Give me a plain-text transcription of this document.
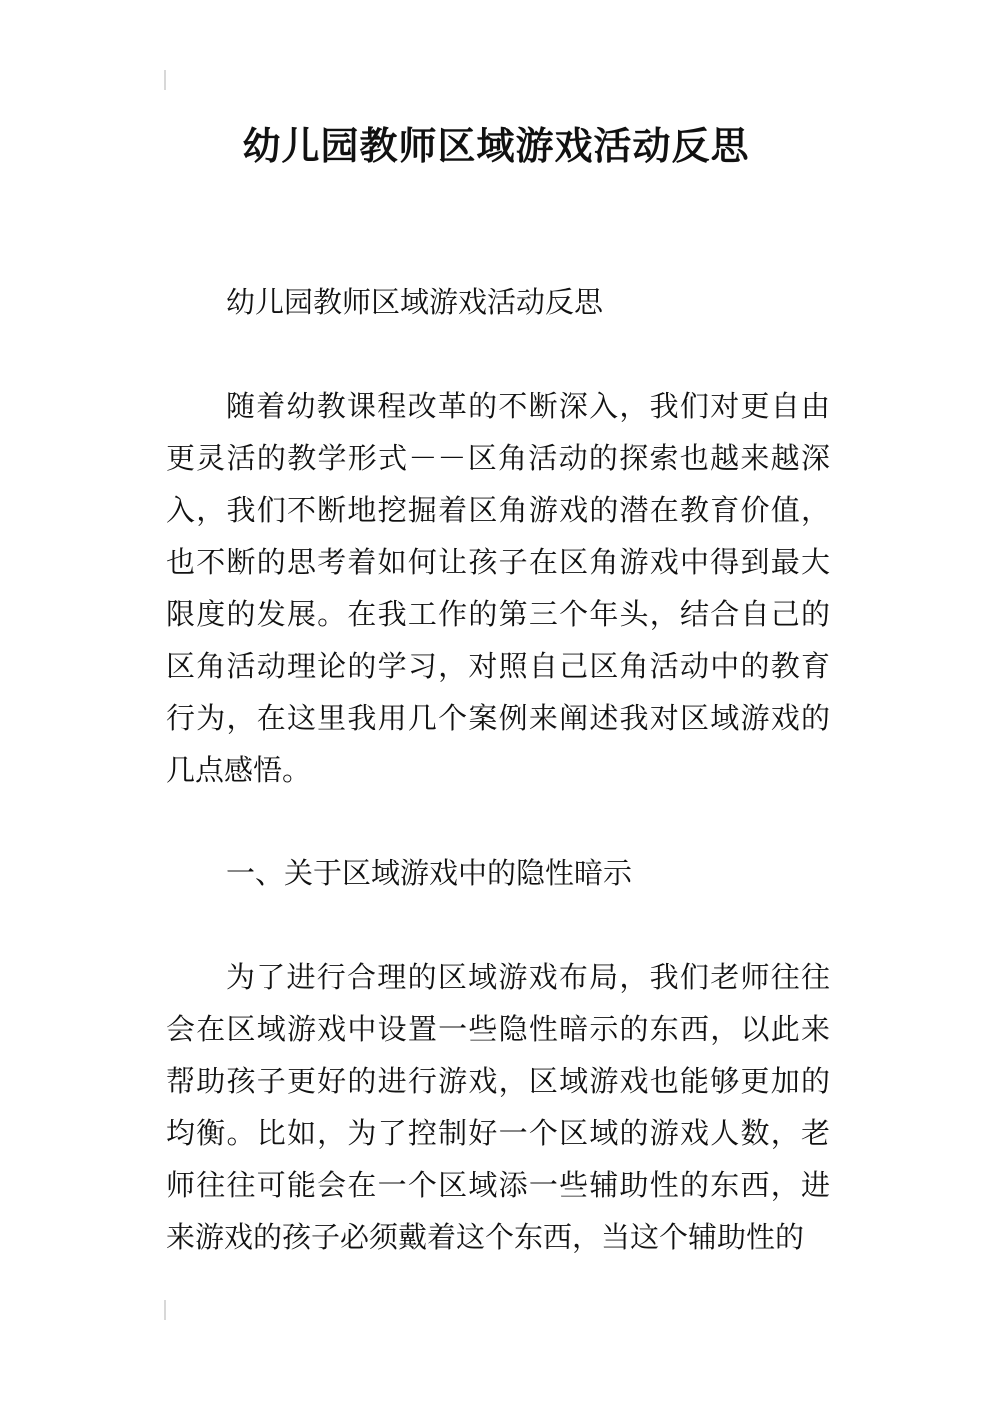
幼儿园教师区域游戏活动反思

幼儿园教师区域游戏活动反思

随着幼教课程改革的不断深入，我们对更自由更灵活的教学形式－－区角活动的探索也越来越深入，我们不断地挖掘着区角游戏的潜在教育价值，也不断的思考着如何让孩子在区角游戏中得到最大限度的发展。在我工作的第三个年头，结合自己的区角活动理论的学习，对照自己区角活动中的教育行为，在这里我用几个案例来阐述我对区域游戏的几点感悟。

一、关于区域游戏中的隐性暗示

为了进行合理的区域游戏布局，我们老师往往会在区域游戏中设置一些隐性暗示的东西，以此来帮助孩子更好的进行游戏，区域游戏也能够更加的均衡。比如，为了控制好一个区域的游戏人数，老师往往可能会在一个区域添一些辅助性的东西，进来游戏的孩子必须戴着这个东西，当这个辅助性的
